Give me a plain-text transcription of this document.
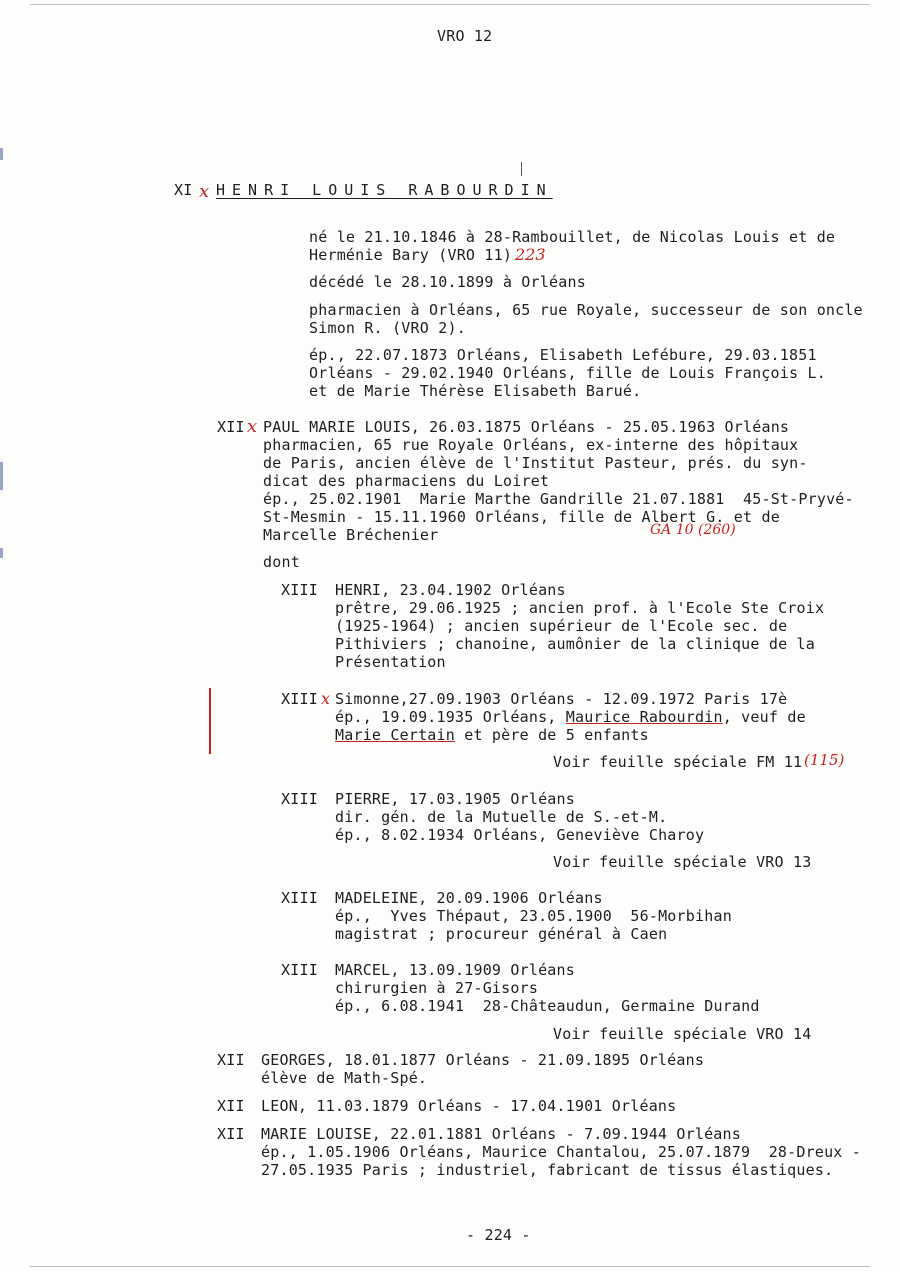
VRO 12
XI x HENRI LOUIS RABOURDIN
né le 21.10.1846 à 28-Rambouillet, de Nicolas Louis et de
Herménie Bary (VRO 11) 223
décédé le 28.10.1899 à Orléans
pharmacien à Orléans, 65 rue Royale, successeur de son oncle
Simon R. (VRO 2).
ép., 22.07.1873 Orléans, Elisabeth Lefébure, 29.03.1851
Orléans - 29.02.1940 Orléans, fille de Louis François L.
et de Marie Thérèse Elisabeth Barué.
XII x PAUL MARIE LOUIS, 26.03.1875 Orléans - 25.05.1963 Orléans
pharmacien, 65 rue Royale Orléans, ex-interne des hôpitaux
de Paris, ancien élève de l'Institut Pasteur, prés. du syn-
dicat des pharmaciens du Loiret
ép., 25.02.1901  Marie Marthe Gandrille 21.07.1881  45-St-Pryvé-
St-Mesmin - 15.11.1960 Orléans, fille de Albert G. et de
Marcelle Bréchenier	GA 10 (260)
dont
XIII HENRI, 23.04.1902 Orléans
prêtre, 29.06.1925 ; ancien prof. à l'Ecole Ste Croix
(1925-1964) ; ancien supérieur de l'Ecole sec. de
Pithiviers ; chanoine, aumônier de la clinique de la
Présentation
XIII x Simonne,27.09.1903 Orléans - 12.09.1972 Paris 17è
ép., 19.09.1935 Orléans, Maurice Rabourdin, veuf de
Marie Certain et père de 5 enfants
Voir feuille spéciale FM 11 (115)
XIII PIERRE, 17.03.1905 Orléans
dir. gén. de la Mutuelle de S.-et-M.
ép., 8.02.1934 Orléans, Geneviève Charoy
Voir feuille spéciale VRO 13
XIII MADELEINE, 20.09.1906 Orléans
ép.,  Yves Thépaut, 23.05.1900  56-Morbihan
magistrat ; procureur général à Caen
XIII MARCEL, 13.09.1909 Orléans
chirurgien à 27-Gisors
ép., 6.08.1941  28-Châteaudun, Germaine Durand
Voir feuille spéciale VRO 14
XII GEORGES, 18.01.1877 Orléans - 21.09.1895 Orléans
élève de Math-Spé.
XII LEON, 11.03.1879 Orléans - 17.04.1901 Orléans
XII MARIE LOUISE, 22.01.1881 Orléans - 7.09.1944 Orléans
ép., 1.05.1906 Orléans, Maurice Chantalou, 25.07.1879  28-Dreux -
27.05.1935 Paris ; industriel, fabricant de tissus élastiques.
- 224 -
